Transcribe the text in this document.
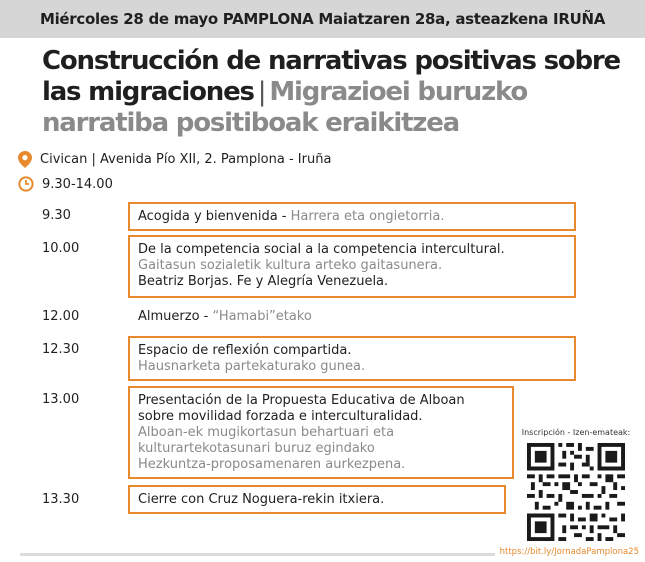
Miércoles 28 de mayo PAMPLONA Maiatzaren 28a, asteazkena IRUÑA
Construcción de narrativas positivas sobre las migraciones | Migrazioei buruzko narratiba positiboak eraikitzea
Civican | Avenida Pío XII, 2. Pamplona - Iruña
9.30-14.00
9.30	Acogida y bienvenida - Harrera eta ongietorria.
10.00	De la competencia social a la competencia intercultural.
Gaitasun sozialetik kultura arteko gaitasunera.
Beatriz Borjas. Fe y Alegría Venezuela.
12.00	Almuerzo - “Hamabi”etako
12.30	Espacio de reflexión compartida.
Hausnarketa partekaturako gunea.
13.00	Presentación de la Propuesta Educativa de Alboan
sobre movilidad forzada e interculturalidad.
Alboan-ek mugikortasun behartuari eta
kulturartekotasunari buruz egindako
Hezkuntza-proposamenaren aurkezpena.
13.30	Cierre con Cruz Noguera-rekin itxiera.
Inscripción - Izen-emateak:
https://bit.ly/JornadaPamplona25
